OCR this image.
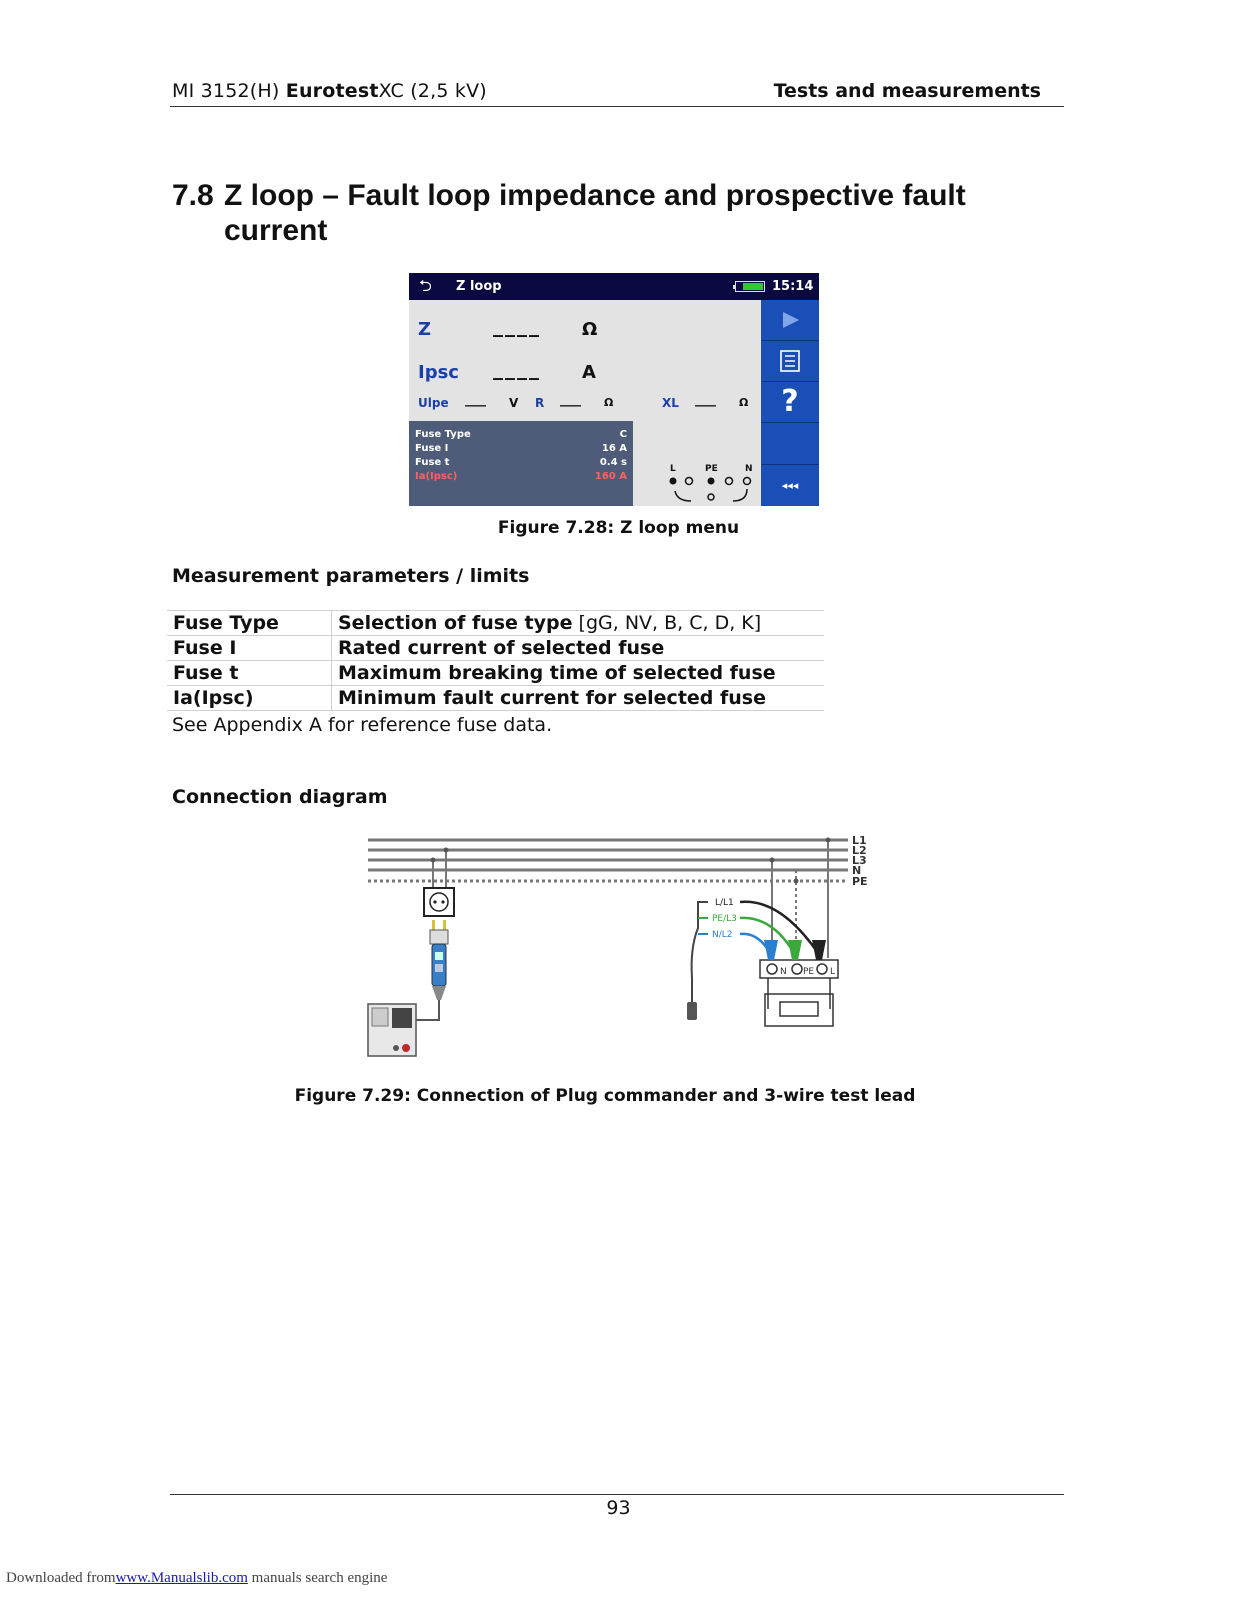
MI 3152(H) EurotestXC (2,5 kV)	Tests and measurements
7.8 Z loop – Fault loop impedance and prospective fault
current
⮌ Z loop	15:14
Z	____ Ω
Ipsc ____ A
Ulpe ___ V R ___ Ω	XL ___ Ω
Fuse Type	C
Fuse I	16 A
Fuse t	0.4 s
Ia(Ipsc)	160 A
L	PE	N
?
◂◂◂
Figure 7.28: Z loop menu
Measurement parameters / limits
Fuse Type	Selection of fuse type [gG, NV, B, C, D, K]
Fuse I	Rated current of selected fuse
Fuse t	Maximum breaking time of selected fuse
Ia(Ipsc)	Minimum fault current for selected fuse
See Appendix A for reference fuse data.
Connection diagram
L1
L2
L3
N
PE
N PE L
L/L1
PE/L3
N/L2
Figure 7.29: Connection of Plug commander and 3-wire test lead
93
Downloaded fromwww.Manualslib.com manuals search engine
